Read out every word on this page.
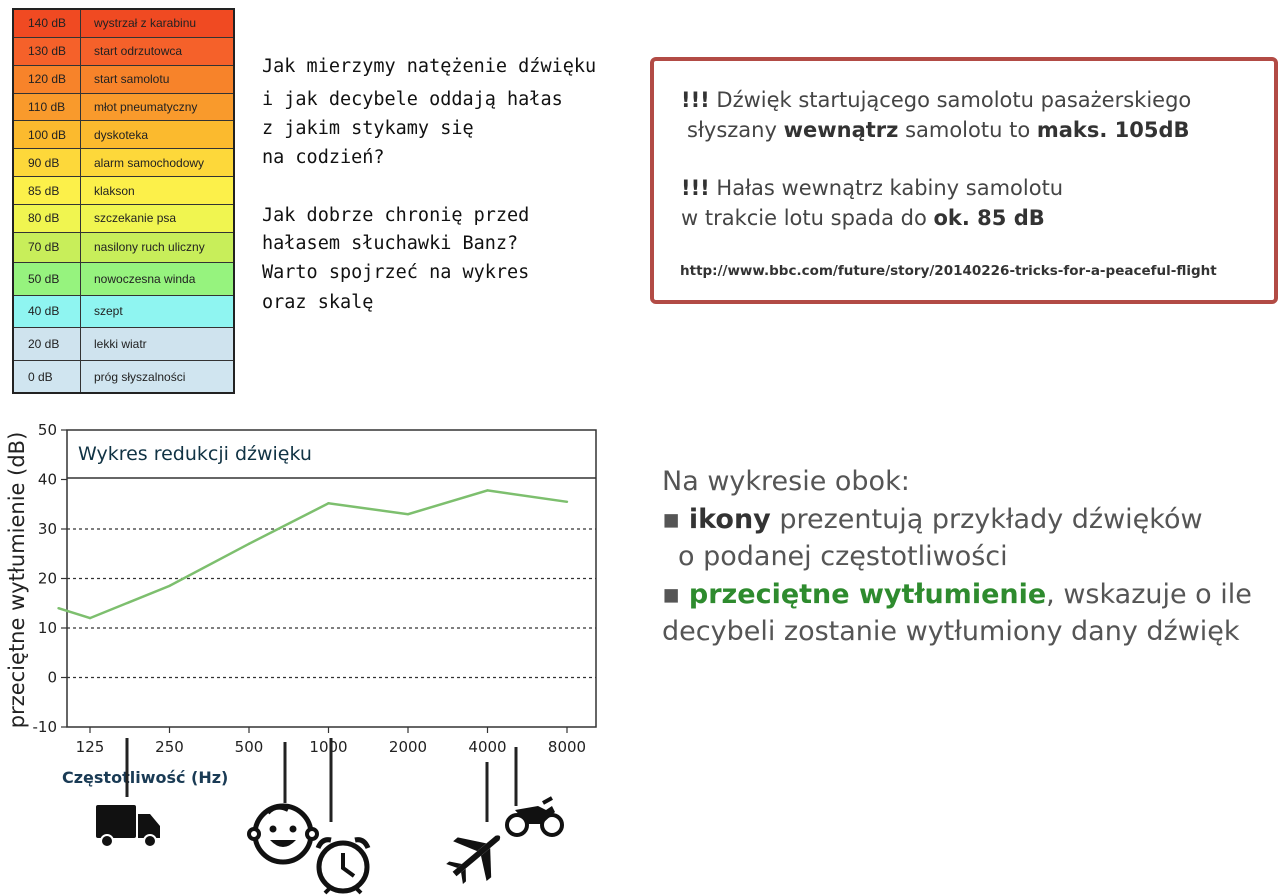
140 dB	wystrzał z karabinu
130 dB	start odrzutowca
120 dB	start samolotu
110 dB	młot pneumatyczny
100 dB	dyskoteka
90 dB	alarm samochodowy
85 dB	klakson
80 dB	szczekanie psa
70 dB	nasilony ruch uliczny
50 dB	nowoczesna winda
40 dB	szept
20 dB	lekki wiatr
0 dB	próg słyszalności
Jak mierzymy natężenie dźwięku
i jak decybele oddają hałas
z jakim stykamy się
na codzień?
Jak dobrze chronię przed
hałasem słuchawki Banz?
Warto spojrzeć na wykres
oraz skalę
!!! Dźwięk startującego samolotu pasażerskiego
słyszany wewnątrz samolotu to maks. 105dB
!!! Hałas wewnątrz kabiny samolotu
w trakcie lotu spada do ok. 85 dB
http://www.bbc.com/future/story/20140226-tricks-for-a-peaceful-flight
Na wykresie obok:
▪ ikony prezentują przykłady dźwięków
o podanej częstotliwości
▪ przeciętne wytłumienie, wskazuje o ile
decybeli zostanie wytłumiony dany dźwięk
Wykres redukcji dźwięku
-10
0
10
20
30
40
50
125	250	500	1000	2000	4000	8000
przeciętne wytłumienie (dB)
Częstotliwość (Hz)
